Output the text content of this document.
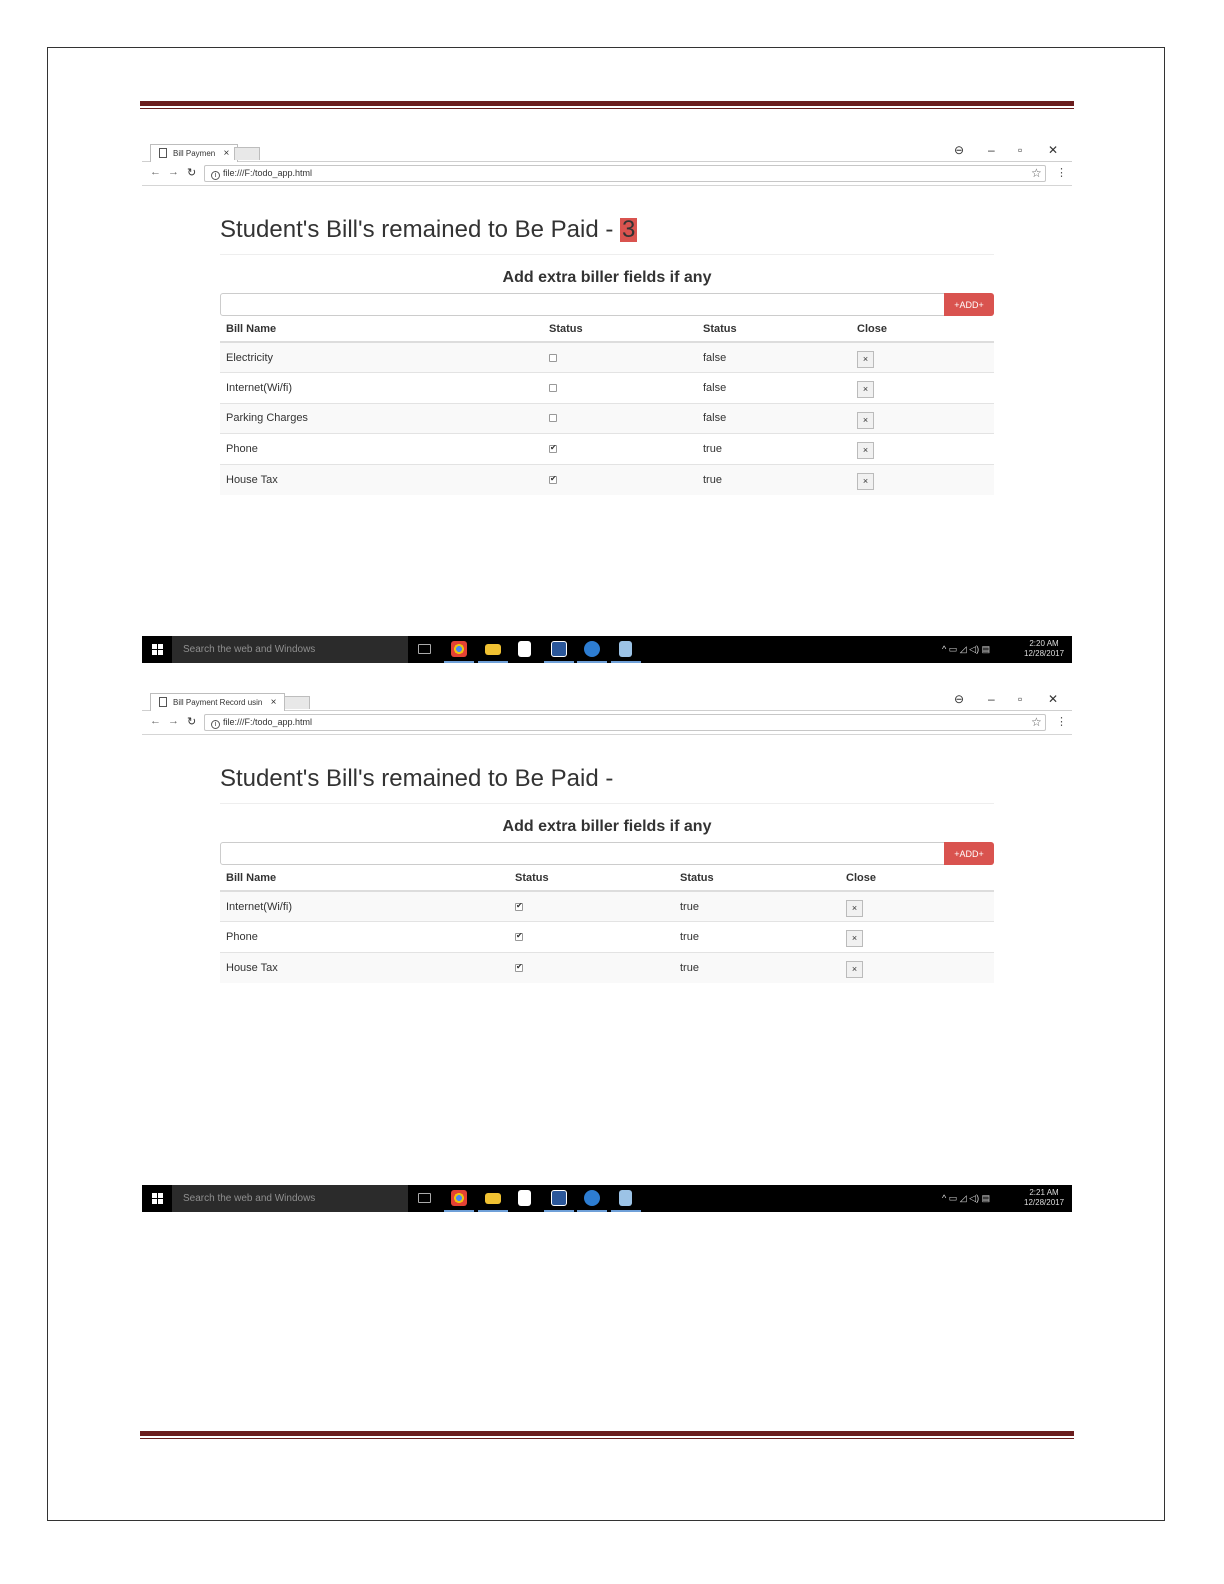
Bill Paymen ×	⊖ – ▫ ✕
← → ↻	i file:///F:/todo_app.html	☆ ⋮
Student's Bill's remained to Be Paid - 3
Add extra biller fields if any
+ADD+
Bill Name	Status	Status	Close
Electricity		false	×
Internet(Wi/fi)		false	×
Parking Charges		false	×
Phone	✔	true	×
House Tax	✔	true	×
Search the web and Windows	^ ▭ ◿ ◁) ▤
2:20 AM
12/28/2017
Bill Payment Record usin ×	⊖ – ▫ ✕
← → ↻	i file:///F:/todo_app.html	☆ ⋮
Student's Bill's remained to Be Paid -
Add extra biller fields if any
+ADD+
Bill Name	Status	Status	Close
Internet(Wi/fi)	✔	true	×
Phone	✔	true	×
House Tax	✔	true	×
Search the web and Windows	^ ▭ ◿ ◁) ▤
2:21 AM
12/28/2017
